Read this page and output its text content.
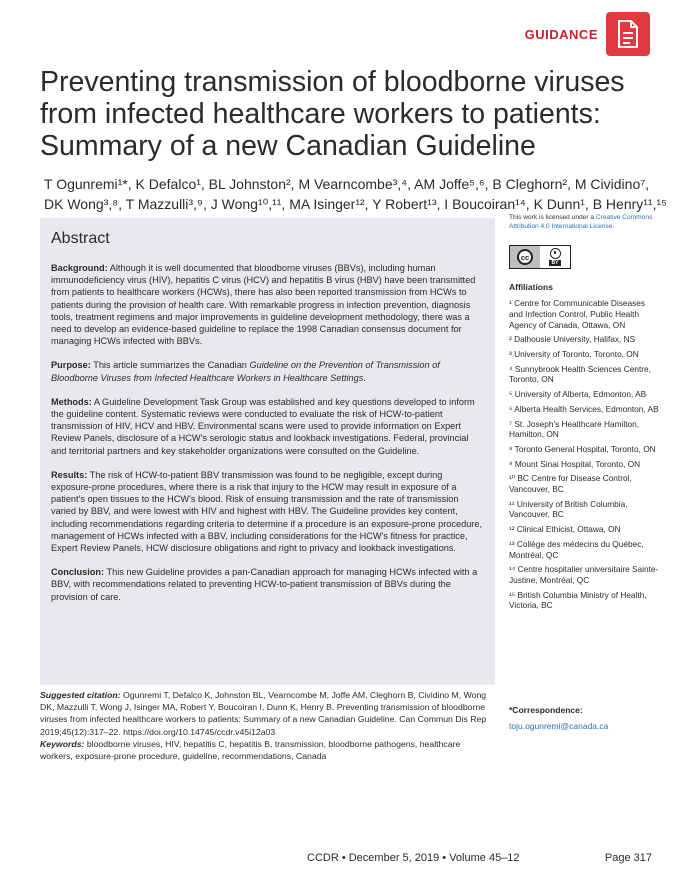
GUIDANCE
Preventing transmission of bloodborne viruses
from infected healthcare workers to patients:
Summary of a new Canadian Guideline
T Ogunremi¹*, K Defalco¹, BL Johnston², M Vearncombe³,⁴, AM Joffe⁵,⁶, B Cleghorn², M Cividino⁷,
DK Wong³,⁸, T Mazzulli³,⁹, J Wong¹⁰,¹¹, MA Isinger¹², Y Robert¹³, I Boucoiran¹⁴, K Dunn¹, B Henry¹¹,¹⁵
Abstract

Background: Although it is well documented that bloodborne viruses (BBVs), including human immunodeficiency virus (HIV), hepatitis C virus (HCV) and hepatitis B virus (HBV) have been transmitted from patients to healthcare workers (HCWs), there has also been reported transmission from HCWs to patients during the provision of health care. With remarkable progress in infection prevention, diagnosis tools, treatment regimens and major improvements in guideline development methodology, there was a need to develop an evidence-based guideline to replace the 1998 Canadian consensus document for managing HCWs infected with BBVs.

Purpose: This article summarizes the Canadian Guideline on the Prevention of Transmission of Bloodborne Viruses from Infected Healthcare Workers in Healthcare Settings.

Methods: A Guideline Development Task Group was established and key questions developed to inform the guideline content. Systematic reviews were conducted to evaluate the risk of HCW-to-patient transmission of HIV, HCV and HBV. Environmental scans were used to provide information on Expert Review Panels, disclosure of a HCW's serologic status and lookback investigations. Federal, provincial and territorial partners and key stakeholder organizations were consulted on the Guideline.

Results: The risk of HCW-to-patient BBV transmission was found to be negligible, except during exposure-prone procedures, where there is a risk that injury to the HCW may result in exposure of a patient's open tissues to the HCW's blood. Risk of ensuing transmission and the rate of transmission varied by BBV, and were lowest with HIV and highest with HBV. The Guideline provides key content, including recommendations regarding criteria to determine if a procedure is an exposure-prone procedure, management of HCWs infected with a BBV, including considerations for the HCW's fitness for practice, Expert Review Panels, HCW disclosure obligations and right to privacy and lookback investigations.

Conclusion: This new Guideline provides a pan-Canadian approach for managing HCWs infected with a BBV, with recommendations related to preventing HCW-to-patient transmission of BBVs during the provision of care.

Suggested citation: Ogunremi T, Defalco K, Johnston BL, Vearncombe M, Joffe AM, Cleghorn B, Cividino M, Wong DK, Mazzulli T, Wong J, Isinger MA, Robert Y, Boucoiran I, Dunn K, Henry B. Preventing transmission of bloodborne viruses from infected healthcare workers to patients: Summary of a new Canadian Guideline. Can Commun Dis Rep 2019;45(12):317–22. https://doi.org/10.14745/ccdr.v45i12a03
Keywords: bloodborne viruses, HIV, hepatitis C, hepatitis B, transmission, bloodborne pathogens, healthcare workers, exposure-prone procedure, guideline, recommendations, Canada
This work is licensed under a Creative Commons Attribution 4.0 International License.
cc
BY
Affiliations
¹ Centre for Communicable Diseases and Infection Control, Public Health Agency of Canada, Ottawa, ON
² Dalhousie University, Halifax, NS
³ University of Toronto, Toronto, ON
⁴ Sunnybrook Health Sciences Centre, Toronto, ON
⁵ University of Alberta, Edmonton, AB
⁶ Alberta Health Services, Edmonton, AB
⁷ St. Joseph's Healthcare Hamilton, Hamilton, ON
⁸ Toronto General Hospital, Toronto, ON
⁹ Mount Sinai Hospital, Toronto, ON
¹⁰ BC Centre for Disease Control, Vancouver, BC
¹¹ University of British Columbia, Vancouver, BC
¹² Clinical Ethicist, Ottawa, ON
¹³ Collège des médecins du Québec, Montréal, QC
¹⁴ Centre hospitalier universitaire Sainte-Justine, Montréal, QC
¹⁵ British Columbia Ministry of Health, Victoria, BC
*Correspondence:
toju.ogunremi@canada.ca
CCDR • December 5, 2019 • Volume 45–12	Page 317
